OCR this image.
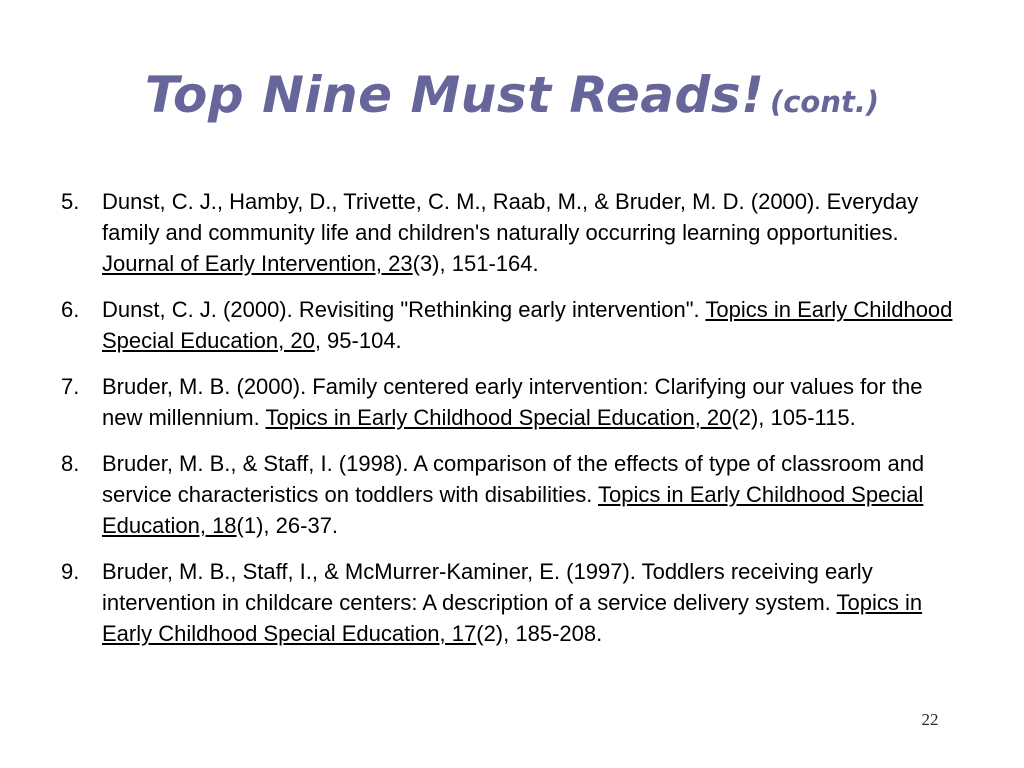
Top Nine Must Reads! (cont.)
5. Dunst, C. J., Hamby, D., Trivette, C. M., Raab, M., & Bruder, M. D. (2000). Everyday family and community life and children's naturally occurring learning opportunities. Journal of Early Intervention, 23(3), 151-164.
6. Dunst, C. J. (2000). Revisiting "Rethinking early intervention". Topics in Early Childhood Special Education, 20, 95-104.
7. Bruder, M. B. (2000). Family centered early intervention: Clarifying our values for the new millennium. Topics in Early Childhood Special Education, 20(2), 105-115.
8. Bruder, M. B., & Staff, I. (1998). A comparison of the effects of type of classroom and service characteristics on toddlers with disabilities. Topics in Early Childhood Special Education, 18(1), 26-37.
9. Bruder, M. B., Staff, I., & McMurrer-Kaminer, E. (1997). Toddlers receiving early intervention in childcare centers: A description of a service delivery system. Topics in Early Childhood Special Education, 17(2), 185-208.
22
